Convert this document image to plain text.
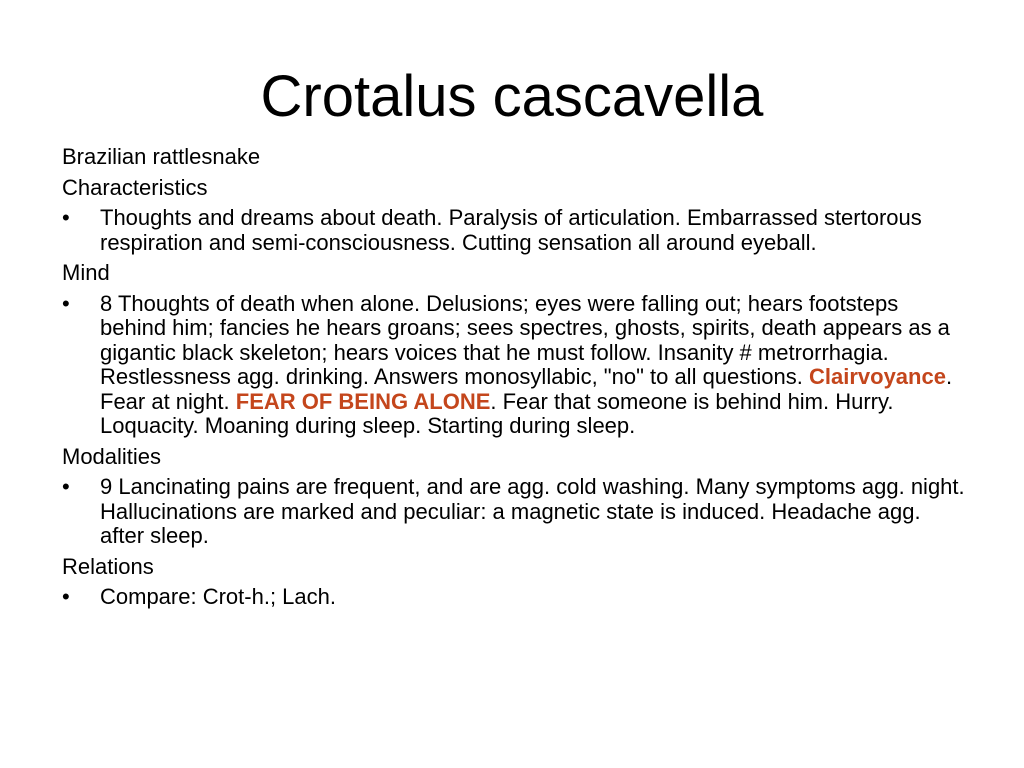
Crotalus cascavella
Brazilian rattlesnake
Characteristics
• Thoughts and dreams about death. Paralysis of articulation. Embarrassed stertorous respiration and semi-consciousness. Cutting sensation all around eyeball.
Mind
• 8 Thoughts of death when alone. Delusions; eyes were falling out; hears footsteps behind him; fancies he hears groans; sees spectres, ghosts, spirits, death appears as a gigantic black skeleton; hears voices that he must follow. Insanity # metrorrhagia. Restlessness agg. drinking. Answers monosyllabic, "no" to all questions. Clairvoyance. Fear at night. FEAR OF BEING ALONE. Fear that someone is behind him. Hurry. Loquacity. Moaning during sleep. Starting during sleep.
Modalities
• 9 Lancinating pains are frequent, and are agg. cold washing. Many symptoms agg. night. Hallucinations are marked and peculiar: a magnetic state is induced. Headache agg. after sleep.
Relations
• Compare: Crot-h.; Lach.
